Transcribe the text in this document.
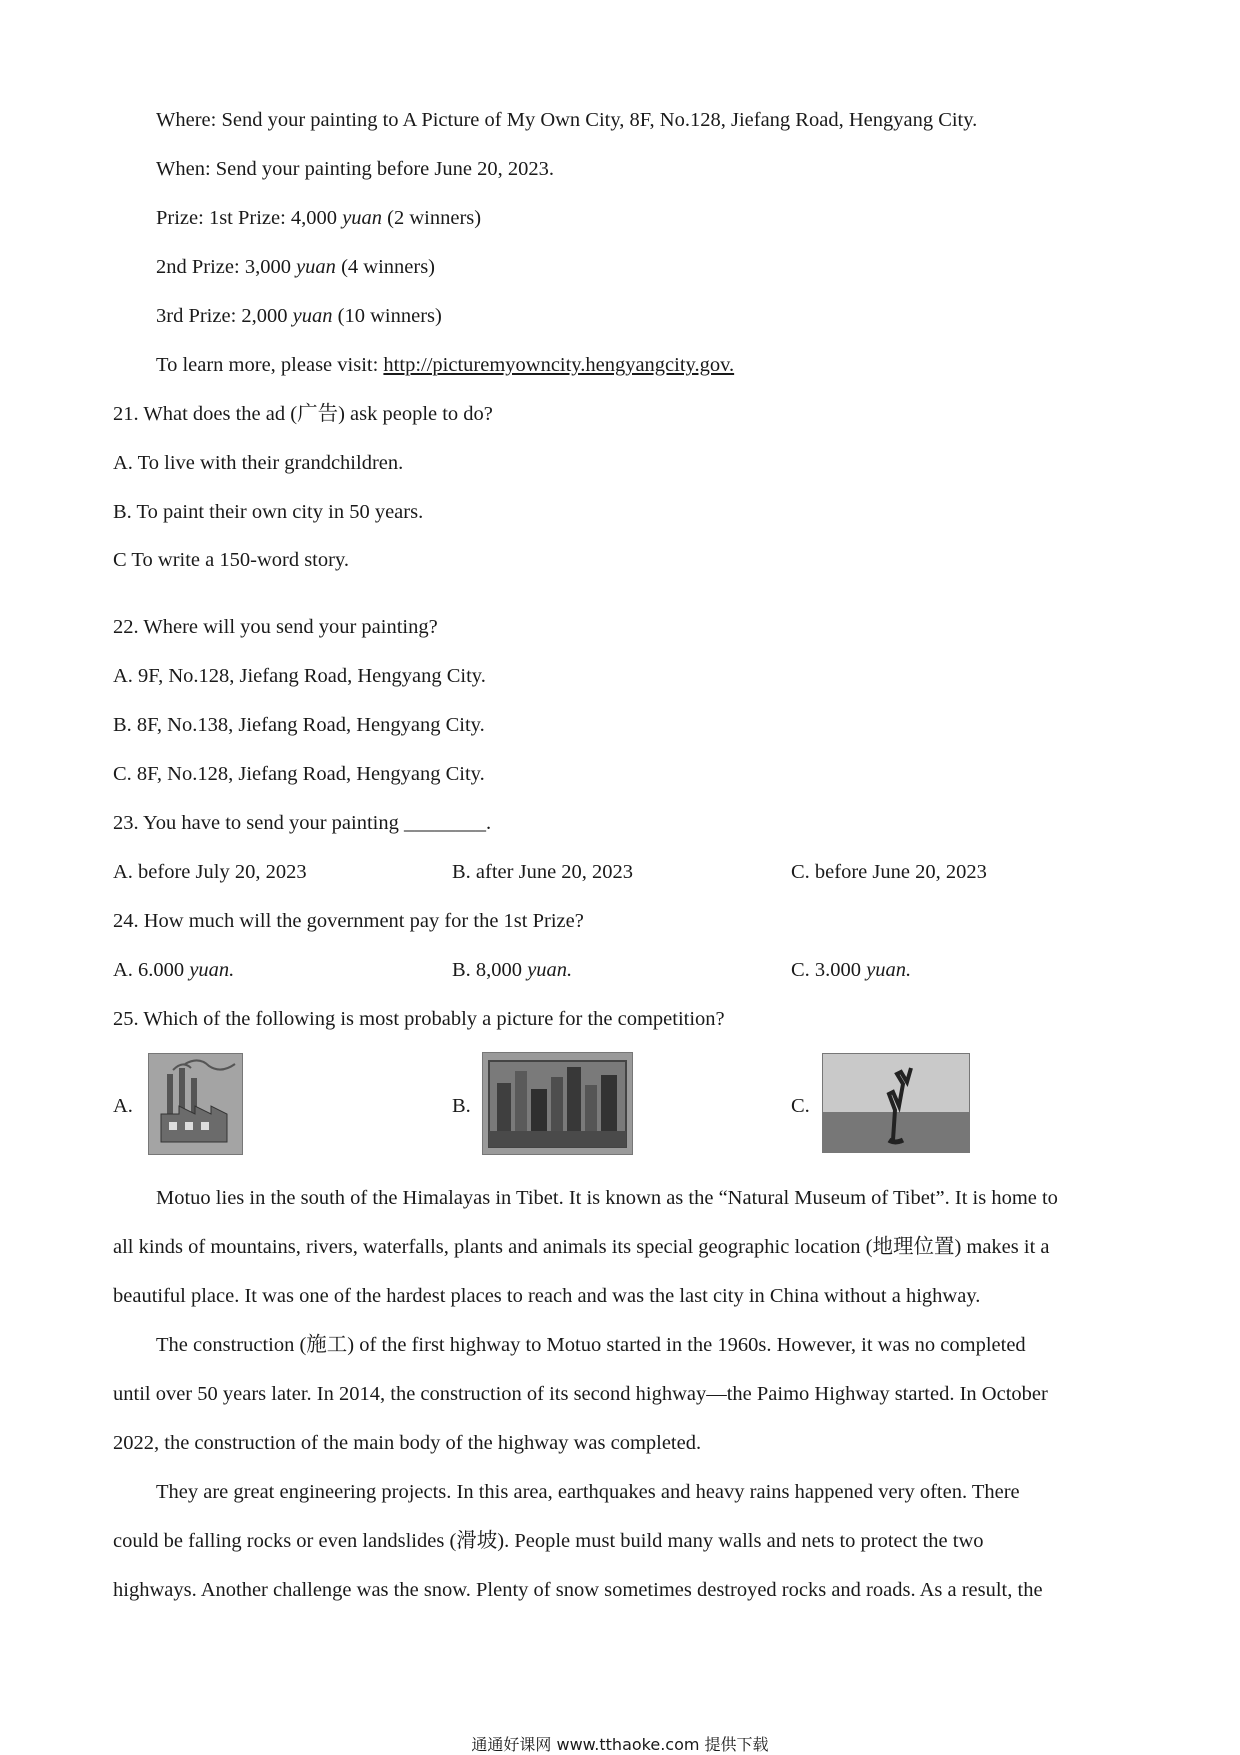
Where: Send your painting to A Picture of My Own City, 8F, No.128, Jiefang Road, Hengyang City.
When: Send your painting before June 20, 2023.
Prize: 1st Prize: 4,000 yuan (2 winners)
2nd Prize: 3,000 yuan (4 winners)
3rd Prize: 2,000 yuan (10 winners)
To learn more, please visit: http://picturemyowncity.hengyangcity.gov.
21. What does the ad (广告) ask people to do?
A. To live with their grandchildren.
B. To paint their own city in 50 years.
C To write a 150-word story.
22. Where will you send your painting?
A. 9F, No.128, Jiefang Road, Hengyang City.
B. 8F, No.138, Jiefang Road, Hengyang City.
C. 8F, No.128, Jiefang Road, Hengyang City.
23. You have to send your painting ________.
A. before July 20, 2023	B. after June 20, 2023	C. before June 20, 2023
24. How much will the government pay for the 1st Prize?
A. 6.000 yuan.	B. 8,000 yuan.	C. 3.000 yuan.
25. Which of the following is most probably a picture for the competition?
A.	B.	C.
Motuo lies in the south of the Himalayas in Tibet. It is known as the “Natural Museum of Tibet”. It is home to
all kinds of mountains, rivers, waterfalls, plants and animals its special geographic location (地理位置) makes it a
beautiful place. It was one of the hardest places to reach and was the last city in China without a highway.
The construction (施工) of the first highway to Motuo started in the 1960s. However, it was no completed
until over 50 years later. In 2014, the construction of its second highway—the Paimo Highway started. In October
2022, the construction of the main body of the highway was completed.
They are great engineering projects. In this area, earthquakes and heavy rains happened very often. There
could be falling rocks or even landslides (滑坡). People must build many walls and nets to protect the two
highways. Another challenge was the snow. Plenty of snow sometimes destroyed rocks and roads. As a result, the
通通好课网 www.tthaoke.com 提供下载
